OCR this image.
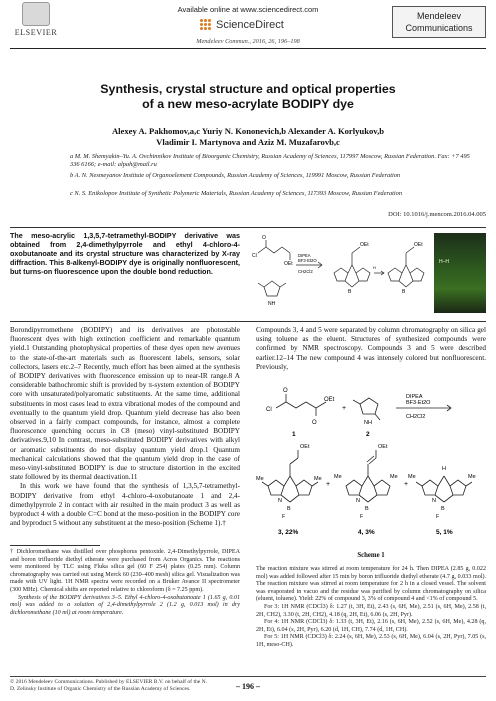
ELSEVIER
Available online at www.sciencedirect.com
ScienceDirect
Mendeleev Commun., 2016, 26, 196–198
Mendeleev
Communications
Synthesis, crystal structure and optical properties
of a new meso-acrylate BODIPY dye
Alexey A. Pakhomov,a,c Yuriy N. Kononevich,b Alexander A. Korlyukov,b
Vladimir I. Martynova and Aziz M. Muzafarovb,c
a M. M. Shemyakin–Yu. A. Ovchinnikov Institute of Bioorganic Chemistry, Russian Academy of Sciences, 117997 Moscow, Russian Federation. Fax: +7 495 336 6166; e-mail: alpah@mail.ru
b A. N. Nesmeyanov Institute of Organoelement Compounds, Russian Academy of Sciences, 119991 Moscow, Russian Federation
c N. S. Enikolopov Institute of Synthetic Polymeric Materials, Russian Academy of Sciences, 117393 Moscow, Russian Federation
DOI: 10.1016/j.mencom.2016.04.005
The meso-acrylic 1,3,5,7-tetramethyl-BODIPY derivative was obtained from 2,4-dimethylpyrrole and ethyl 4-chloro-4-oxobutanoate and its crystal structure was characterized by X-ray diffraction. This 8-alkenyl-BODIPY dye is originally nonfluorescent, but turns-on fluorescence upon the double bond reduction.
Cl
O
OEt
NH
DIPEA
BF3·Et2O
CH2Cl2
OEt
B
OEt
B
H
H–H

Borondipyrromethene (BODIPY) and its derivatives are photostable fluorescent dyes with high extinction coefficient and remarkable quantum yield.1 Outstanding photophysical properties of these dyes open new avenues to the state-of-the-art materials such as fluorescent labels, sensors, solar collectors, lasers etc.2–7 Recently, much effort has been aimed at the synthesis of BODIPY derivatives with fluorescence emission up to near-IR range.8 A considerable bathochromic shift is provided by π-system extention of BODIPY core with unsaturated/polyaromatic substituents. At the same time, additional substituents in most cases lead to extra vibrational modes of the compound and eventually to the quantum yield drop. Quantum yield decrease has also been observed in a fairly compact compounds, for instance, almost a complete fluorescence quenching occurs in C8 (meso) vinyl-substituted BODIPY derivatives.9,10 In contrast, meso-substituted BODIPY derivatives with alkyl or aromatic substituents do not display quantum yield drop.1 Quantum mechanical calculations showed that the quantum yield drop in the case of meso-vinyl-substituted BODIPY is due to structure distortion in the excited state followed by its thermal deactivation.11

In this work we have found that the synthesis of 1,3,5,7-tetramethyl-BODIPY derivative from ethyl 4-chloro-4-oxobutanoate 1 and 2,4-dimethylpyrrole 2 in contact with air resulted in the main product 3 as well as byproduct 4 with a double C=C bond at the meso-position in the BODIPY core and byproduct 5 without any substituent at the meso-position (Scheme 1).†

† Dichloromethane was distilled over phosphorus pentoxide. 2,4-Dimethylpyrrole, DIPEA and boron trifluoride diethyl etherate were purchased from Acros Organics. The reactions were monitored by TLC using Fluka silica gel (60 F 254) plates (0.25 mm). Column chromatography was carried out using Merck 60 (230–400 mesh) silica gel. Visualization was made with UV light. 1H NMR spectra were recorded on a Bruker Avance II spectrometer (300 MHz). Chemical shifts are reported relative to chloroform (δ = 7.25 ppm).

Synthesis of the BODIPY derivatives 3–5. Ethyl 4-chloro-4-oxobutanoate 1 (1.65 g, 0.01 mol) was added to a solution of 2,4-dimethylpyrrole 2 (1.2 g, 0.013 mol) in dry dichloromethane (10 ml) at room temperature.

Compounds 3, 4 and 5 were separated by column chromatography on silica gel using toluene as the eluent. Structures of synthesized compounds were confirmed by NMR spectroscopy. Compounds 3 and 5 were described earlier.12–14 The new compound 4 was intensely colored but nonfluorescent. Previously,

Cl
O
O
OEt
1
+
NH
2
DIPEA
BF3·Et2O
CH2Cl2
OEt
Me	Me
N
B
F
3, 22%
+
OEt
Me	Me
N
B
F
4, 3%
+
H
Me	Me
N
B
F
5, 1%
Scheme 1

The reaction mixture was stirred at room temperature for 24 h. Then DIPEA (2.85 g, 0.022 mol) was added followed after 15 min by boron trifluoride diethyl etherate (4.7 g, 0.033 mol). The reaction mixture was stirred at room temperature for 2 h in a closed vessel. The solvent was evaporated in vacuo and the residue was purified by column chromatography on silica (eluent, toluene). Yield: 22% of compound 3, 3% of compound 4 and <1% of compound 5.

For 3: 1H NMR (CDCl3) δ: 1.27 (t, 3H, Et), 2.43 (s, 6H, Me), 2.51 (s, 6H, Me), 2.58 (t, 2H, CH2), 3.30 (t, 2H, CH2), 4.18 (q, 2H, Et), 6.06 (s, 2H, Pyr).

For 4: 1H NMR (CDCl3) δ: 1.33 (t, 3H, Et), 2.16 (s, 6H, Me), 2.52 (s, 6H, Me), 4.28 (q, 2H, Et), 6.04 (s, 2H, Pyr), 6.20 (d, 1H, CH), 7.74 (d, 1H, CH).

For 5: 1H NMR (CDCl3) δ: 2.24 (s, 6H, Me), 2.53 (s, 6H, Me), 6.04 (s, 2H, Pyr), 7.05 (s, 1H, meso-CH).

© 2016 Mendeleev Communications. Published by ELSEVIER B.V. on behalf of the N. D. Zelinsky Institute of Organic Chemistry of the Russian Academy of Sciences.	– 196 –
